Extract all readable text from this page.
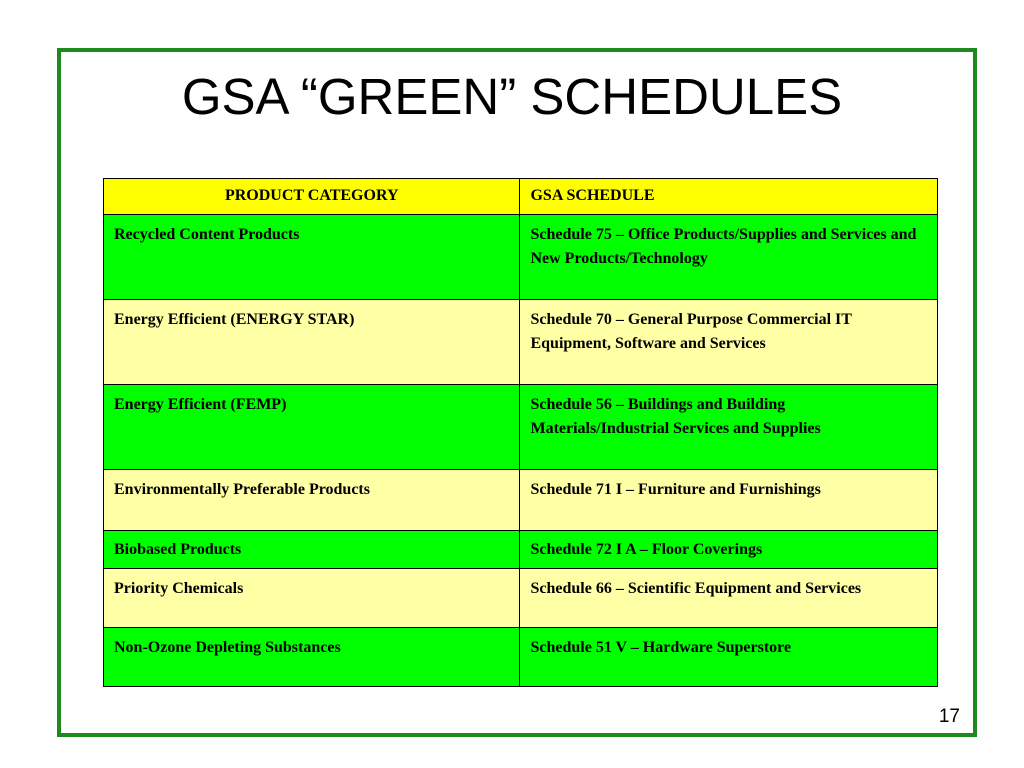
GSA “GREEN” SCHEDULES
PRODUCT CATEGORY	GSA SCHEDULE
Recycled Content Products	Schedule 75 – Office Products/Supplies and Services and New Products/Technology
Energy Efficient (ENERGY STAR)	Schedule 70 – General Purpose Commercial IT Equipment, Software and Services
Energy Efficient (FEMP)	Schedule 56 – Buildings and Building Materials/Industrial Services and Supplies
Environmentally Preferable Products	Schedule 71 I – Furniture and Furnishings
Biobased Products	Schedule 72 I A – Floor Coverings
Priority Chemicals	Schedule 66 – Scientific Equipment and Services
Non-Ozone Depleting Substances	Schedule 51 V – Hardware Superstore
17
